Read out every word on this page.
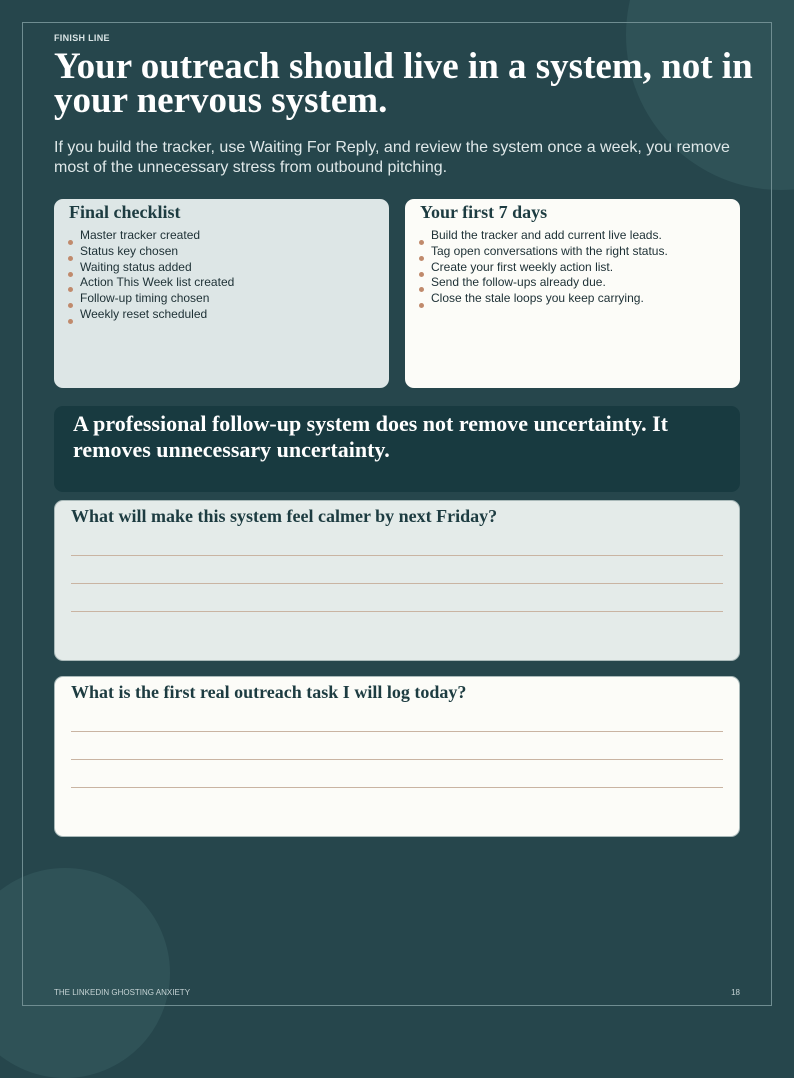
FINISH LINE
Your outreach should live in a system, not in your nervous system.

If you build the tracker, use Waiting For Reply, and review the system once a week, you remove most of the unnecessary stress from outbound pitching.

Final checklist
Master tracker created
Status key chosen
Waiting status added
Action This Week list created
Follow-up timing chosen
Weekly reset scheduled
Your first 7 days
Build the tracker and add current live leads.
Tag open conversations with the right status.
Create your first weekly action list.
Send the follow-ups already due.
Close the stale loops you keep carrying.

A professional follow-up system does not remove uncertainty. It removes unnecessary uncertainty.

What will make this system feel calmer by next Friday?
What is the first real outreach task I will log today?
THE LINKEDIN GHOSTING ANXIETY	18
